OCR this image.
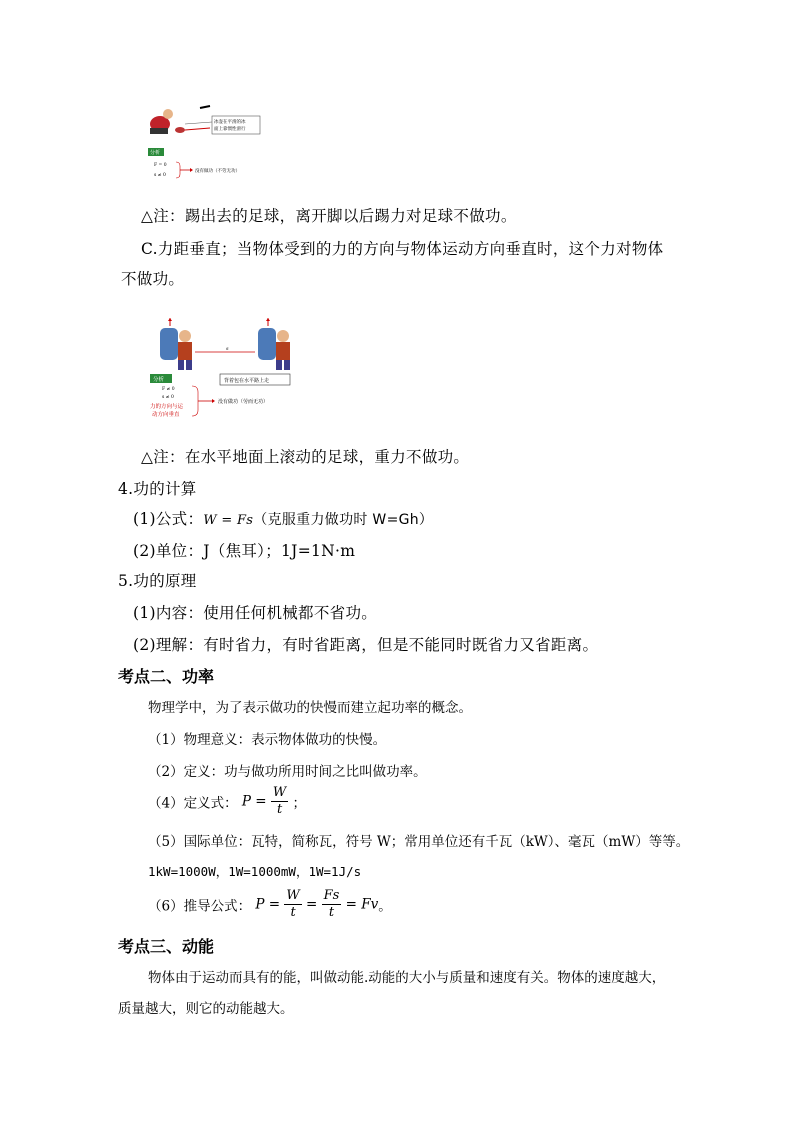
冰壶在平滑的冰
面上靠惯性滑行
分析
F = 0
s ≠ 0
没有做功（不劳无功）
△注：踢出去的足球，离开脚以后踢力对足球不做功。
C.力距垂直；当物体受到的力的方向与物体运动方向垂直时，这个力对物体
不做功。
s
分析	背着包在水平路上走
F ≠ 0
s ≠ 0
力的方向与运
动方向垂直
没有做功（劳而无功）
△注：在水平地面上滚动的足球，重力不做功。
4.功的计算
(1)公式：W = Fs（克服重力做功时 W=Gh）
(2)单位：J（焦耳）；1J=1N·m
5.功的原理
(1)内容：使用任何机械都不省功。
(2)理解：有时省力，有时省距离，但是不能同时既省力又省距离。
考点二、功率
物理学中，为了表示做功的快慢而建立起功率的概念。
（1）物理意义：表示物体做功的快慢。
（2）定义：功与做功所用时间之比叫做功率。
（4）定义式： $P = \frac{W}{t}$ ；
（5）国际单位：瓦特，简称瓦，符号 W；常用单位还有千瓦（kW）、毫瓦（mW）等等。
1kW=1000W，1W=1000mW，1W=1J/s
（6）推导公式： $P = \frac{W}{t} = \frac{Fs}{t} = Fv$。
考点三、动能
物体由于运动而具有的能，叫做动能.动能的大小与质量和速度有关。物体的速度越大，
质量越大，则它的动能越大。
